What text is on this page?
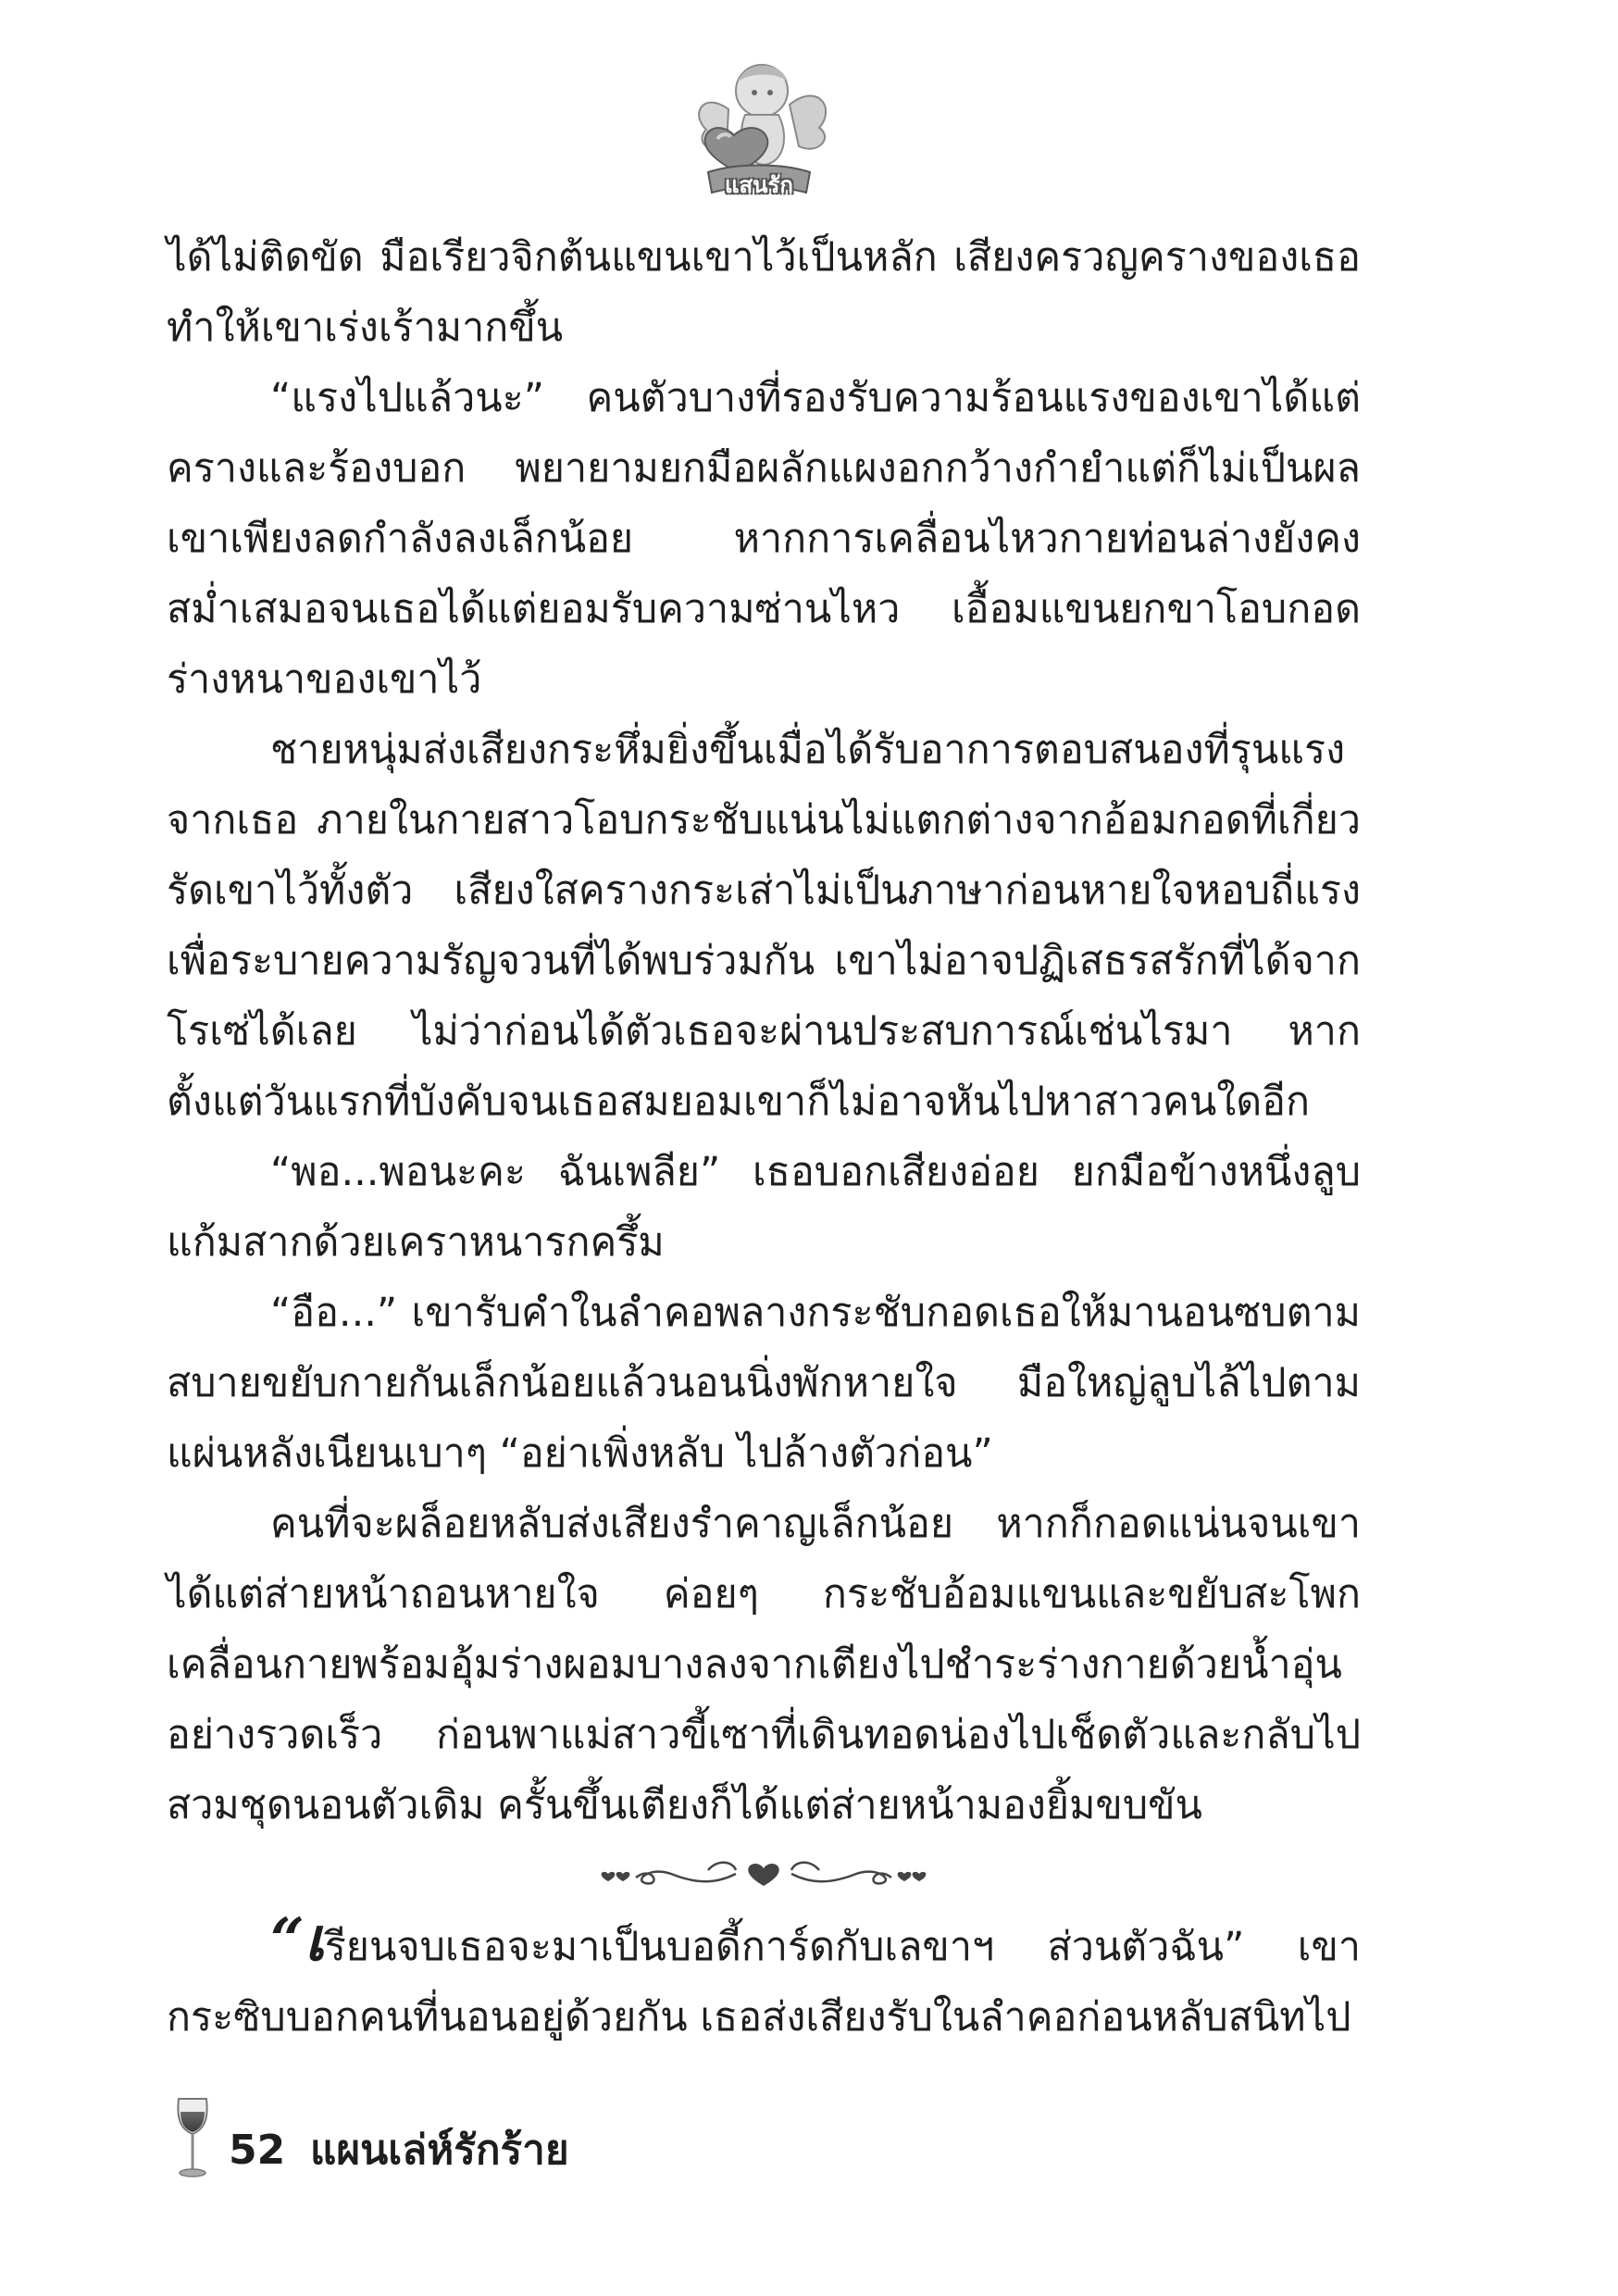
แสนรัก

ได้ไม่ติดขัด มือเรียวจิกต้นแขนเขาไว้เป็นหลัก เสียงครวญครางของเธอทำให้เขาเร่งเร้ามากขึ้น

“แรงไปแล้วนะ” คนตัวบางที่รองรับความร้อนแรงของเขาได้แต่ครางและร้องบอก พยายามยกมือผลักแผงอกกว้างกำยำแต่ก็ไม่เป็นผล เขาเพียงลดกำลังลงเล็กน้อย หากการเคลื่อนไหวกายท่อนล่างยังคงสม่ำเสมอจนเธอได้แต่ยอมรับความซ่านไหว เอื้อมแขนยกขาโอบกอดร่างหนาของเขาไว้

ชายหนุ่มส่งเสียงกระหึ่มยิ่งขึ้นเมื่อได้รับอาการตอบสนองที่รุนแรงจากเธอ ภายในกายสาวโอบกระชับแน่นไม่แตกต่างจากอ้อมกอดที่เกี่ยวรัดเขาไว้ทั้งตัว เสียงใสครางกระเส่าไม่เป็นภาษาก่อนหายใจหอบถี่แรงเพื่อระบายความรัญจวนที่ได้พบร่วมกัน เขาไม่อาจปฏิเสธรสรักที่ได้จากโรเซ่ได้เลย ไม่ว่าก่อนได้ตัวเธอจะผ่านประสบการณ์เช่นไรมา หากตั้งแต่วันแรกที่บังคับจนเธอสมยอมเขาก็ไม่อาจหันไปหาสาวคนใดอีก

“พอ...พอนะคะ ฉันเพลีย” เธอบอกเสียงอ่อย ยกมือข้างหนึ่งลูบแก้มสากด้วยเคราหนารกครึ้ม

“อือ...” เขารับคำในลำคอพลางกระชับกอดเธอให้มานอนซบตามสบายขยับกายกันเล็กน้อยแล้วนอนนิ่งพักหายใจ มือใหญ่ลูบไล้ไปตามแผ่นหลังเนียนเบาๆ “อย่าเพิ่งหลับ ไปล้างตัวก่อน”

คนที่จะผล็อยหลับส่งเสียงรำคาญเล็กน้อย หากก็กอดแน่นจนเขาได้แต่ส่ายหน้าถอนหายใจ ค่อยๆ กระชับอ้อมแขนและขยับสะโพกเคลื่อนกายพร้อมอุ้มร่างผอมบางลงจากเตียงไปชำระร่างกายด้วยน้ำอุ่นอย่างรวดเร็ว ก่อนพาแม่สาวขี้เซาที่เดินทอดน่องไปเช็ดตัวและกลับไปสวมชุดนอนตัวเดิม ครั้นขึ้นเตียงก็ได้แต่ส่ายหน้ามองยิ้มขบขัน

“เรียนจบเธอจะมาเป็นบอดี้การ์ดกับเลขาฯ ส่วนตัวฉัน” เขากระซิบบอกคนที่นอนอยู่ด้วยกัน เธอส่งเสียงรับในลำคอก่อนหลับสนิทไป

52 แผนเล่ห์รักร้าย
